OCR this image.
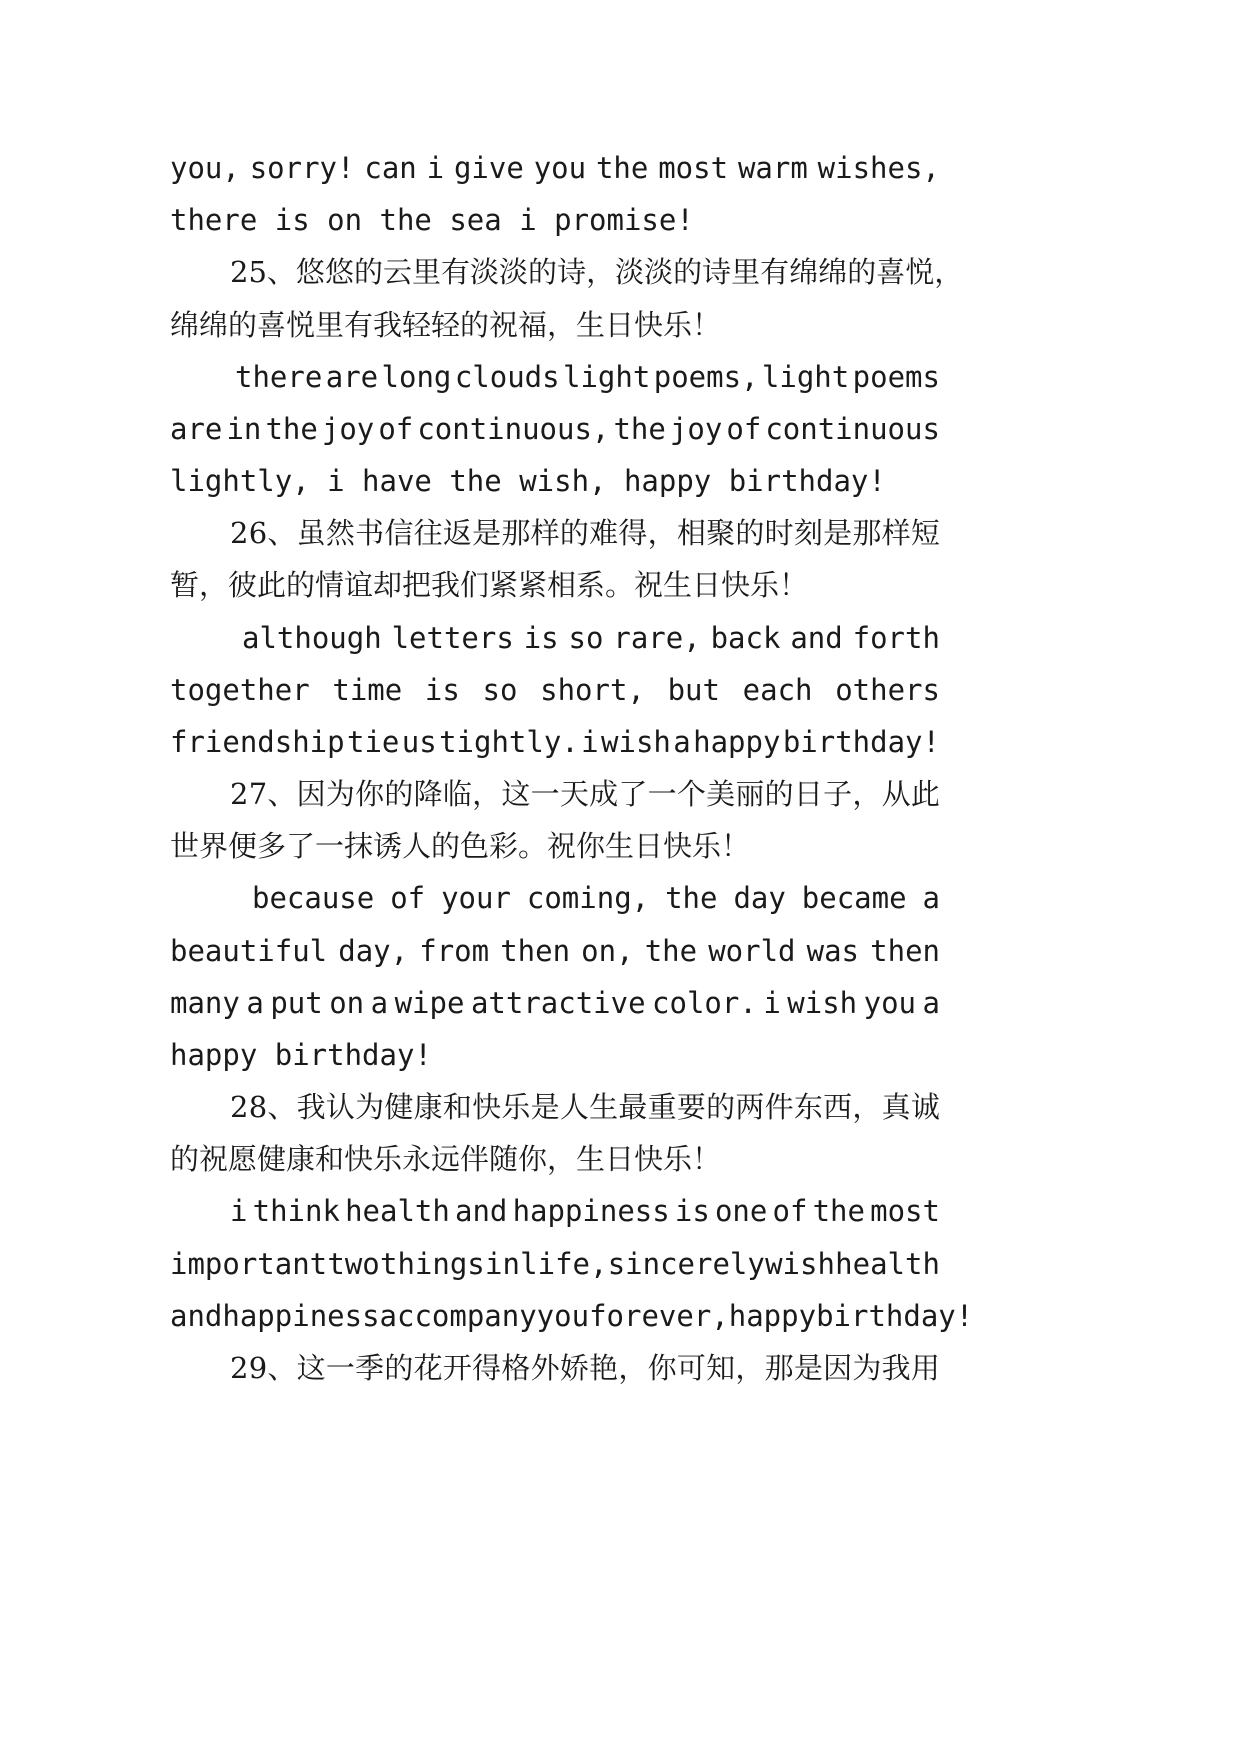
you, sorry! can i give you the most warm wishes,
there is on the sea i promise!
2 5 、 悠 悠 的 云 里 有 淡 淡 的 诗 ， 淡 淡 的 诗 里 有 绵 绵 的 喜 悦 ，
绵绵的喜悦里有我轻轻的祝福，生日快乐！
there are long clouds light poems, light poems
are in the joy of continuous, the joy of continuous
lightly, i have the wish, happy birthday!
2 6 、 虽 然 书 信 往 返 是 那 样 的 难 得 ， 相 聚 的 时 刻 是 那 样 短
暂，彼此的情谊却把我们紧紧相系。祝生日快乐！
although letters is so rare, back and forth
together time is so short, but each others
friendship tie us tightly. i wish a happy birthday!
2 7 、 因 为 你 的 降 临 ， 这 一 天 成 了 一 个 美 丽 的 日 子 ， 从 此
世界便多了一抹诱人的色彩。祝你生日快乐！
because of your coming, the day became a
beautiful day, from then on, the world was then
many a put on a wipe attractive color. i wish you a
happy birthday!
2 8 、 我 认 为 健 康 和 快 乐 是 人 生 最 重 要 的 两 件 东 西 ， 真 诚
的祝愿健康和快乐永远伴随你，生日快乐！
i think health and happiness is one of the most
important two things in life, sincerely wish health
and happiness accompany you forever, happy birthday!
2 9 、 这 一 季 的 花 开 得 格 外 娇 艳 ， 你 可 知 ， 那 是 因 为 我 用
